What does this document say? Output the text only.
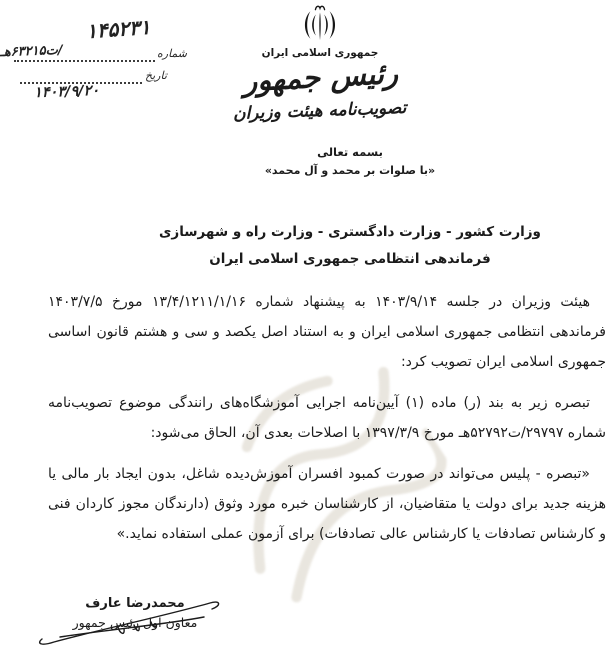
۱۴۵۲۳۱
شماره
/ت۶۳۲۱۵هـ
تاریخ
۱۴۰۳/۹/۲۰
جمهوری اسلامی ایران
رئیس جمهور
تصویب‌نامه هیئت وزیران
بسمه تعالی
«با صلوات بر محمد و آل محمد»
وزارت کشور - وزارت دادگستری - وزارت راه و شهرسازی
فرماندهی انتظامی جمهوری اسلامی ایران

هیئت وزیران در جلسه ۱۴۰۳/۹/۱۴ به پیشنهاد شماره ۱۳/۴/۱۲۱۱/۱/۱۶ مورخ ۱۴۰۳/۷/۵ فرماندهی انتظامی جمهوری اسلامی ایران و به استناد اصل یکصد و سی و هشتم قانون اساسی جمهوری اسلامی ایران تصویب کرد:

تبصره زیر به بند (ر) ماده (۱) آیین‌نامه اجرایی آموزشگاه‌های رانندگی موضوع تصویب‌نامه شماره ۲۹۷۹۷/ت۵۲۷۹۲هـ مورخ ۱۳۹۷/۳/۹ با اصلاحات بعدی آن، الحاق می‌شود:

«تبصره - پلیس می‌تواند در صورت کمبود افسران آموزش‌دیده شاغل، بدون ایجاد بار مالی یا هزینه جدید برای دولت یا متقاضیان، از کارشناسان خبره مورد وثوق (دارندگان مجوز کاردان فنی و کارشناس تصادفات یا کارشناس عالی تصادفات) برای آزمون عملی استفاده نماید.»

محمدرضا عارف
معاون اول رئیس جمهور
